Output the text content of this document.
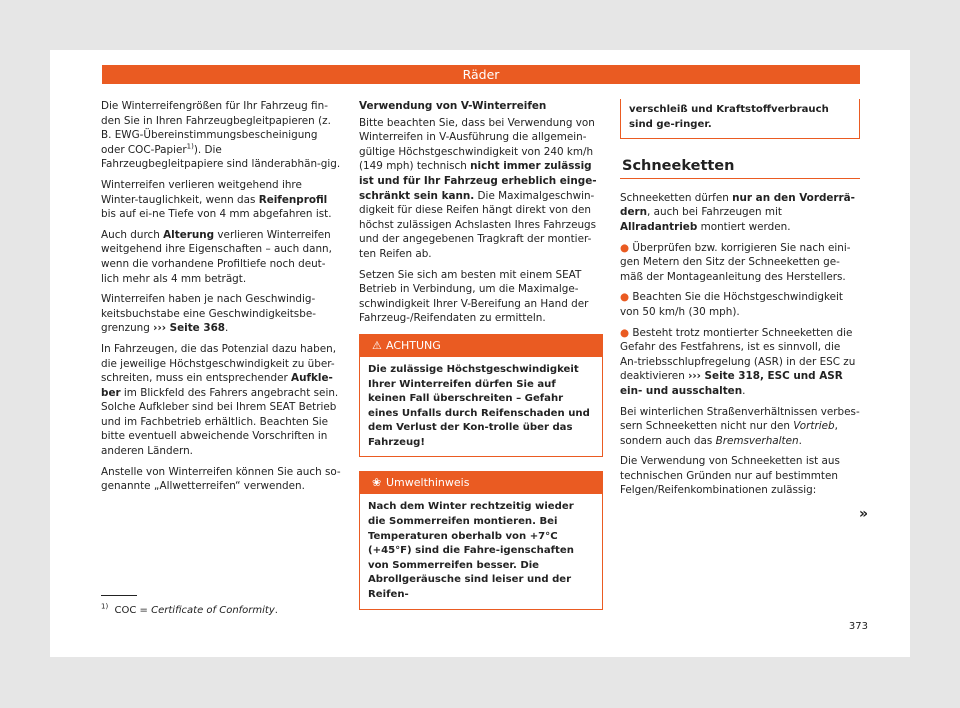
Räder

Die Winterreifengrößen für Ihr Fahrzeug fin-den Sie in Ihren Fahrzeugbegleitpapieren (z. B. EWG-Übereinstimmungsbescheinigung oder COC-Papier$^{1)}$). Die Fahrzeugbegleitpapiere sind länderabhän-gig.

Winterreifen verlieren weitgehend ihre Winter-tauglichkeit, wenn das Reifenprofil bis auf ei-ne Tiefe von 4 mm abgefahren ist.

Auch durch Alterung verlieren Winterreifen weitgehend ihre Eigenschaften – auch dann, wenn die vorhandene Profiltiefe noch deut-lich mehr als 4 mm beträgt.

Winterreifen haben je nach Geschwindig-keitsbuchstabe eine Geschwindigkeitsbe-grenzung ››› Seite 368.

In Fahrzeugen, die das Potenzial dazu haben, die jeweilige Höchstgeschwindigkeit zu über-schreiten, muss ein entsprechender Aufkle-ber im Blickfeld des Fahrers angebracht sein. Solche Aufkleber sind bei Ihrem SEAT Betrieb und im Fachbetrieb erhältlich. Beachten Sie bitte eventuell abweichende Vorschriften in anderen Ländern.

Anstelle von Winterreifen können Sie auch so-genannte „Allwetterreifen“ verwenden.

Verwendung von V-Winterreifen

Bitte beachten Sie, dass bei Verwendung von Winterreifen in V-Ausführung die allgemein-gültige Höchstgeschwindigkeit von 240 km/h (149 mph) technisch nicht immer zulässig ist und für Ihr Fahrzeug erheblich einge-schränkt sein kann. Die Maximalgeschwin-digkeit für diese Reifen hängt direkt von den höchst zulässigen Achslasten Ihres Fahrzeugs und der angegebenen Tragkraft der montier-ten Reifen ab.

Setzen Sie sich am besten mit einem SEAT Betrieb in Verbindung, um die Maximalge-schwindigkeit Ihrer V-Bereifung an Hand der Fahrzeug-/Reifendaten zu ermitteln.

⚠ ACHTUNG
Die zulässige Höchstgeschwindigkeit Ihrer Winterreifen dürfen Sie auf keinen Fall überschreiten – Gefahr eines Unfalls durch Reifenschaden und dem Verlust der Kon-trolle über das Fahrzeug!
❀ Umwelthinweis
Nach dem Winter rechtzeitig wieder die Sommerreifen montieren. Bei Temperaturen oberhalb von +7°C (+45°F) sind die Fahre-igenschaften von Sommerreifen besser. Die Abrollgeräusche sind leiser und der Reifen-
verschleiß und Kraftstoffverbrauch sind ge-ringer.
Schneeketten

Schneeketten dürfen nur an den Vorderrä-dern, auch bei Fahrzeugen mit Allradantrieb montiert werden.

● Überprüfen bzw. korrigieren Sie nach eini-gen Metern den Sitz der Schneeketten ge-mäß der Montageanleitung des Herstellers.

● Beachten Sie die Höchstgeschwindigkeit von 50 km/h (30 mph).

● Besteht trotz montierter Schneeketten die Gefahr des Festfahrens, ist es sinnvoll, die An-triebsschlupfregelung (ASR) in der ESC zu deaktivieren ››› Seite 318, ESC und ASR ein- und ausschalten.

Bei winterlichen Straßenverhältnissen verbes-sern Schneeketten nicht nur den Vortrieb, sondern auch das Bremsverhalten.

Die Verwendung von Schneeketten ist aus technischen Gründen nur auf bestimmten Felgen/Reifenkombinationen zulässig:

»
$^{1)}$ COC = Certificate of Conformity.
373
